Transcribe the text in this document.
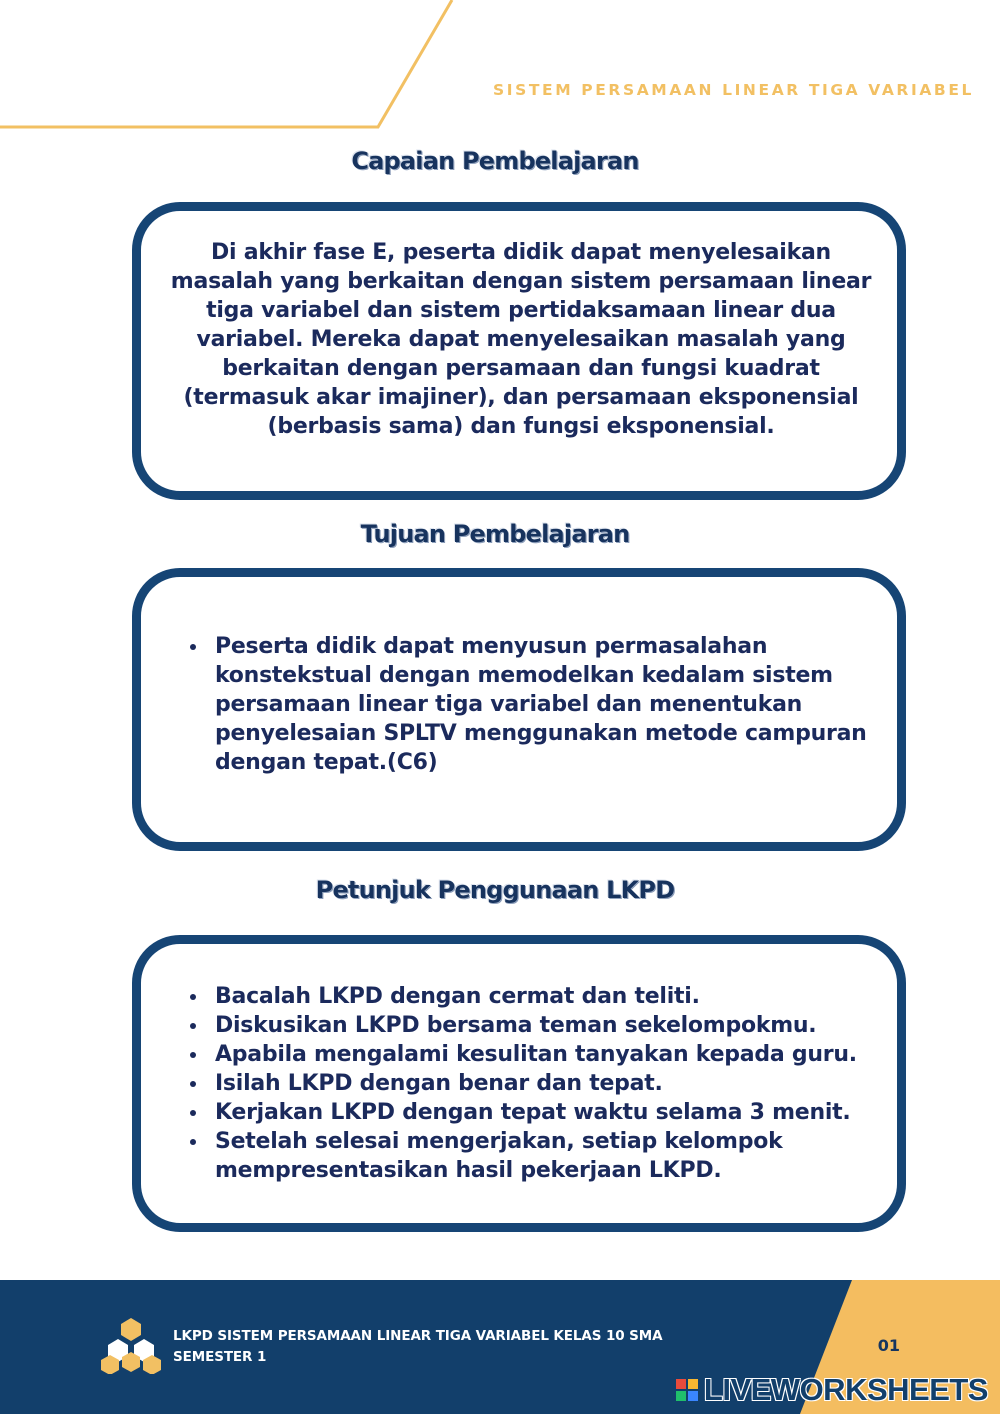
SISTEM PERSAMAAN LINEAR TIGA VARIABEL
Capaian Pembelajaran

Di akhir fase E, peserta didik dapat menyelesaikan masalah yang berkaitan dengan sistem persamaan linear tiga variabel dan sistem pertidaksamaan linear dua variabel. Mereka dapat menyelesaikan masalah yang berkaitan dengan persamaan dan fungsi kuadrat (termasuk akar imajiner), dan persamaan eksponensial (berbasis sama) dan fungsi eksponensial.

Tujuan Pembelajaran
• Peserta didik dapat menyusun permasalahan konstekstual dengan memodelkan kedalam sistem persamaan linear tiga variabel dan menentukan penyelesaian SPLTV menggunakan metode campuran dengan tepat.(C6)
Petunjuk Penggunaan LKPD
• Bacalah LKPD dengan cermat dan teliti.
• Diskusikan LKPD bersama teman sekelompokmu.
• Apabila mengalami kesulitan tanyakan kepada guru.
• Isilah LKPD dengan benar dan tepat.
• Kerjakan LKPD dengan tepat waktu selama 3 menit.
• Setelah selesai mengerjakan, setiap kelompok mempresentasikan hasil pekerjaan LKPD.
LKPD SISTEM PERSAMAAN LINEAR TIGA VARIABEL KELAS 10 SMA
SEMESTER 1
01
LIVEWORKSHEETS
